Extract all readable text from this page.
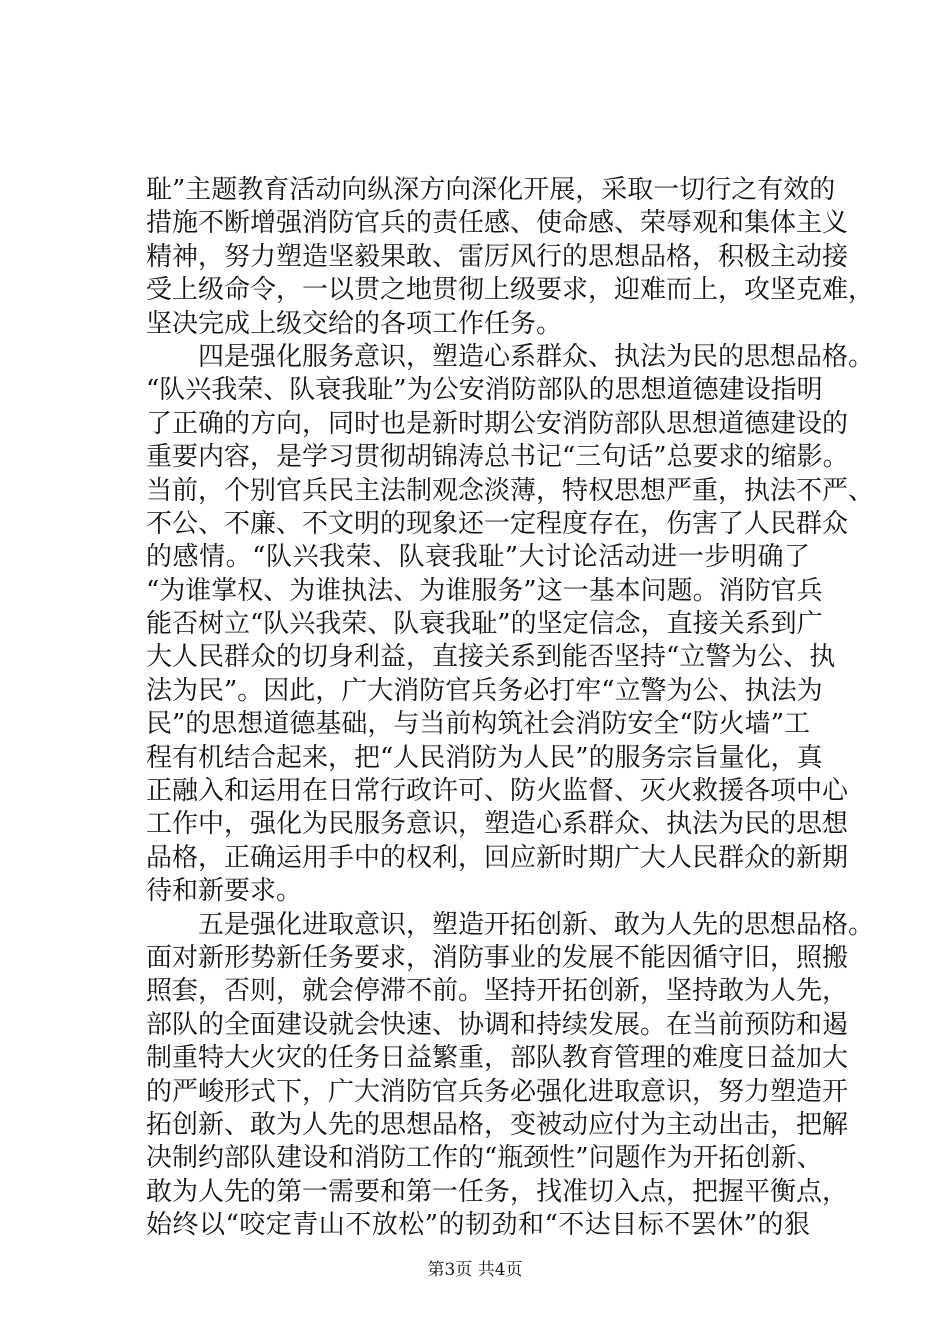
耻”主题教育活动向纵深方向深化开展，采取一切行之有效的
措施不断增强消防官兵的责任感、使命感、荣辱观和集体主义
精神，努力塑造坚毅果敢、雷厉风行的思想品格，积极主动接
受上级命令，一以贯之地贯彻上级要求，迎难而上，攻坚克难，
坚决完成上级交给的各项工作任务。
　　四是强化服务意识，塑造心系群众、执法为民的思想品格。
“队兴我荣、队衰我耻”为公安消防部队的思想道德建设指明
了正确的方向，同时也是新时期公安消防部队思想道德建设的
重要内容，是学习贯彻胡锦涛总书记“三句话”总要求的缩影。
当前，个别官兵民主法制观念淡薄，特权思想严重，执法不严、
不公、不廉、不文明的现象还一定程度存在，伤害了人民群众
的感情。“队兴我荣、队衰我耻”大讨论活动进一步明确了
“为谁掌权、为谁执法、为谁服务”这一基本问题。消防官兵
能否树立“队兴我荣、队衰我耻”的坚定信念，直接关系到广
大人民群众的切身利益，直接关系到能否坚持“立警为公、执
法为民”。因此，广大消防官兵务必打牢“立警为公、执法为
民”的思想道德基础，与当前构筑社会消防安全“防火墙”工
程有机结合起来，把“人民消防为人民”的服务宗旨量化，真
正融入和运用在日常行政许可、防火监督、灭火救援各项中心
工作中，强化为民服务意识，塑造心系群众、执法为民的思想
品格，正确运用手中的权利，回应新时期广大人民群众的新期
待和新要求。
　　五是强化进取意识，塑造开拓创新、敢为人先的思想品格。
面对新形势新任务要求，消防事业的发展不能因循守旧，照搬
照套，否则，就会停滞不前。坚持开拓创新，坚持敢为人先，
部队的全面建设就会快速、协调和持续发展。在当前预防和遏
制重特大火灾的任务日益繁重，部队教育管理的难度日益加大
的严峻形式下，广大消防官兵务必强化进取意识，努力塑造开
拓创新、敢为人先的思想品格，变被动应付为主动出击，把解
决制约部队建设和消防工作的“瓶颈性”问题作为开拓创新、
敢为人先的第一需要和第一任务，找准切入点，把握平衡点，
始终以“咬定青山不放松”的韧劲和“不达目标不罢休”的狠
第3页 共4页
